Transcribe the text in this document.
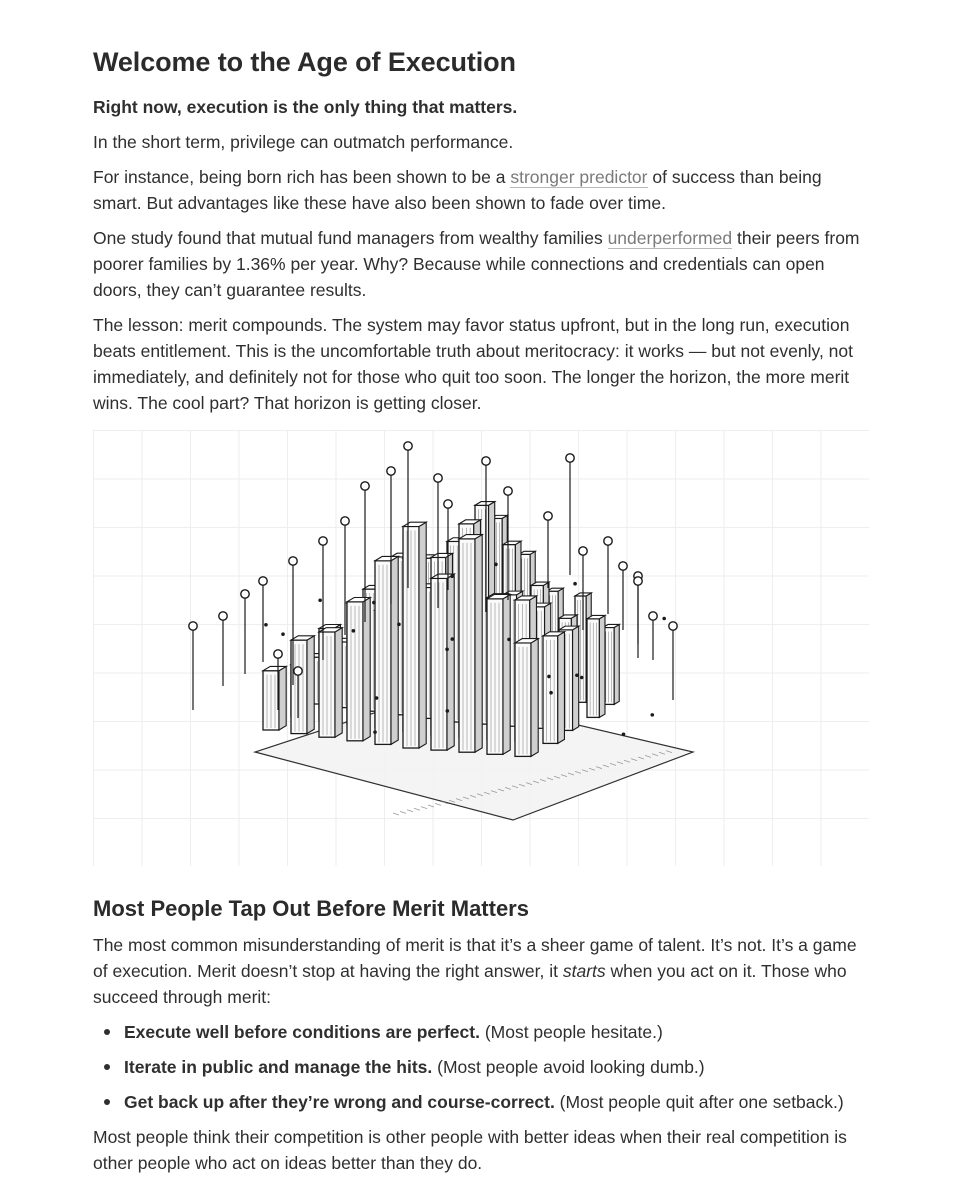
Welcome to the Age of Execution

Right now, execution is the only thing that matters.

In the short term, privilege can outmatch performance.

For instance, being born rich has been shown to be a stronger predictor of success than being smart. But advantages like these have also been shown to fade over time.

One study found that mutual fund managers from wealthy families underperformed their peers from poorer families by 1.36% per year. Why? Because while connections and credentials can open doors, they can’t guarantee results.

The lesson: merit compounds. The system may favor status upfront, but in the long run, execution beats entitlement. This is the uncomfortable truth about meritocracy: it works — but not evenly, not immediately, and definitely not for those who quit too soon. The longer the horizon, the more merit wins. The cool part? That horizon is getting closer.

Most People Tap Out Before Merit Matters

The most common misunderstanding of merit is that it’s a sheer game of talent. It’s not. It’s a game of execution. Merit doesn’t stop at having the right answer, it starts when you act on it. Those who succeed through merit:

Execute well before conditions are perfect. (Most people hesitate.)
Iterate in public and manage the hits. (Most people avoid looking dumb.)
Get back up after they’re wrong and course-correct. (Most people quit after one setback.)

Most people think their competition is other people with better ideas when their real competition is other people who act on ideas better than they do.
